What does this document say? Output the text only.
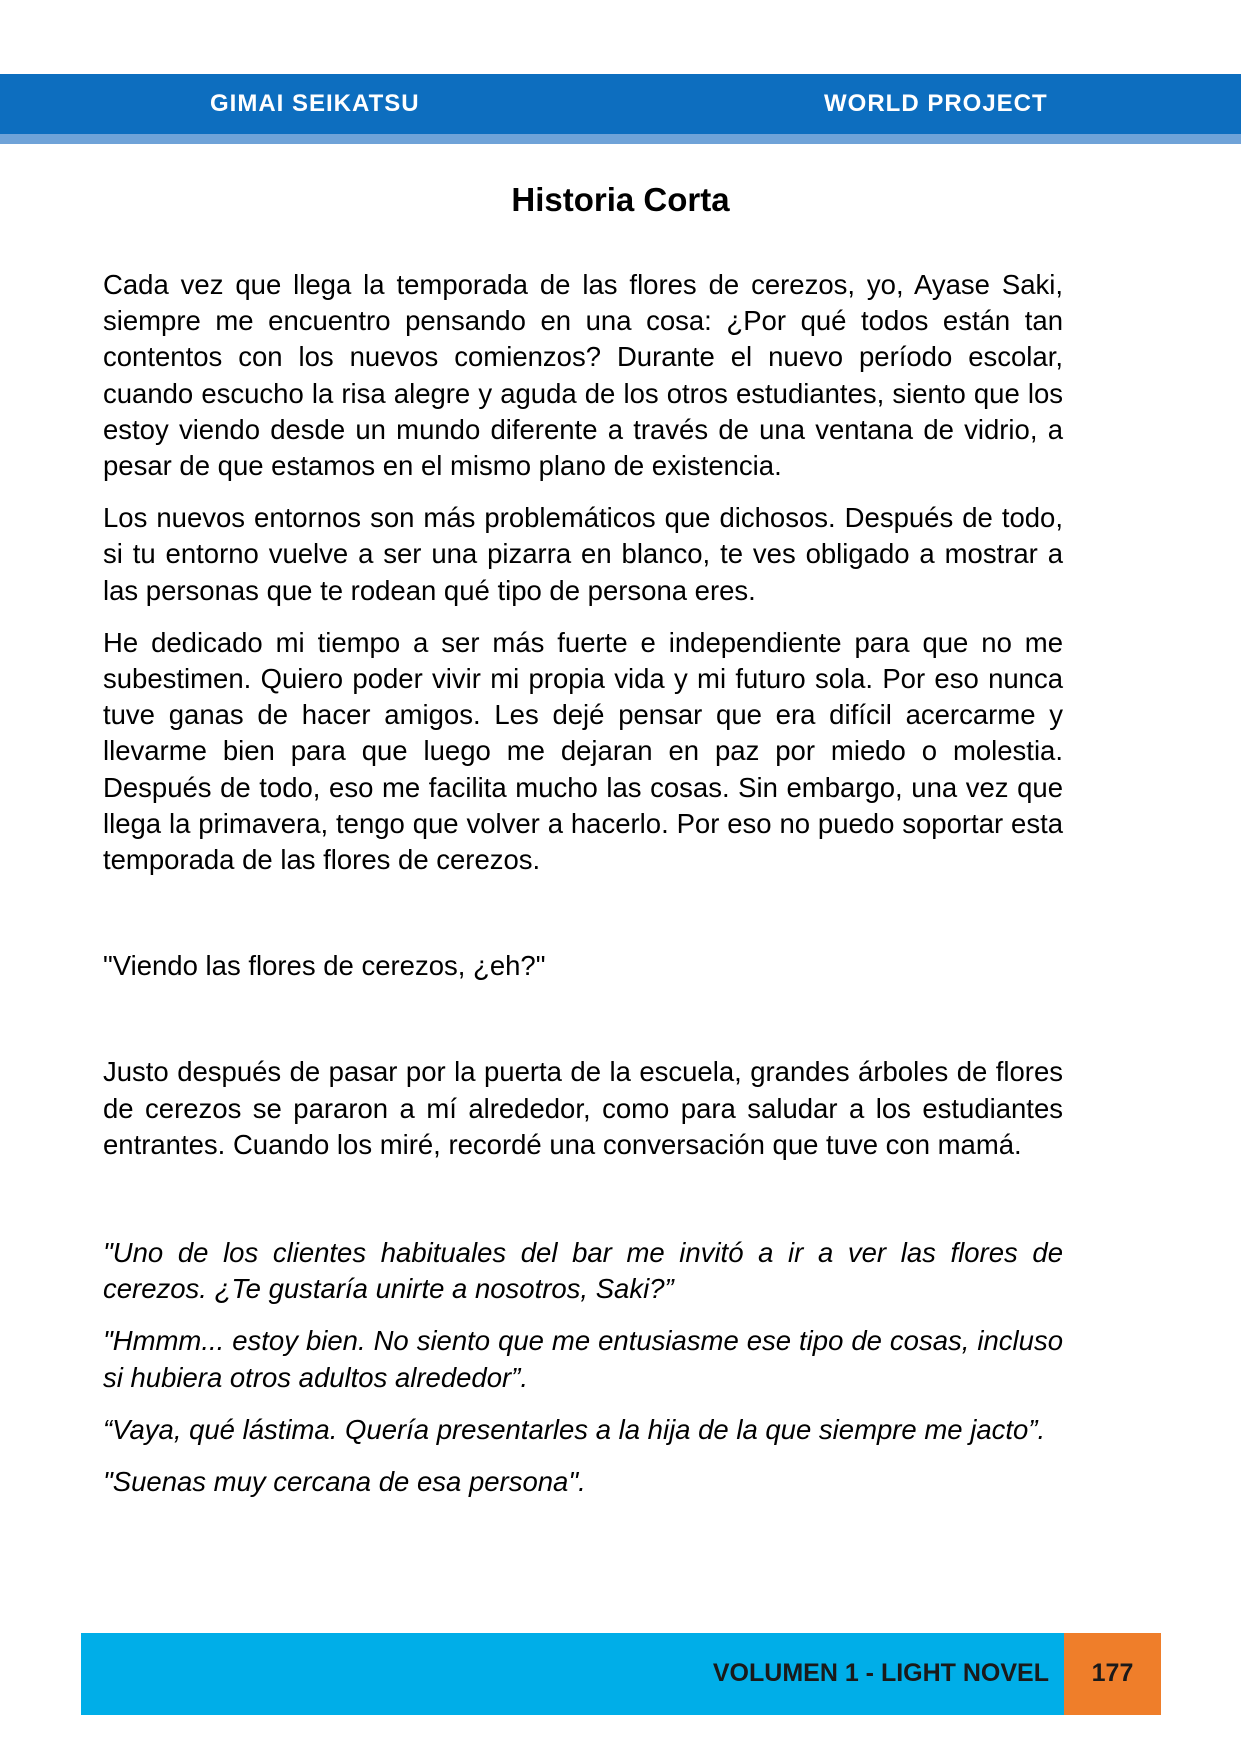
GIMAI SEIKATSU	WORLD PROJECT
Historia Corta

Cada vez que llega la temporada de las flores de cerezos, yo, Ayase Saki, siempre me encuentro pensando en una cosa: ¿Por qué todos están tan contentos con los nuevos comienzos? Durante el nuevo período escolar, cuando escucho la risa alegre y aguda de los otros estudiantes, siento que los estoy viendo desde un mundo diferente a través de una ventana de vidrio, a pesar de que estamos en el mismo plano de existencia.

Los nuevos entornos son más problemáticos que dichosos. Después de todo, si tu entorno vuelve a ser una pizarra en blanco, te ves obligado a mostrar a las personas que te rodean qué tipo de persona eres.

He dedicado mi tiempo a ser más fuerte e independiente para que no me subestimen. Quiero poder vivir mi propia vida y mi futuro sola. Por eso nunca tuve ganas de hacer amigos. Les dejé pensar que era difícil acercarme y llevarme bien para que luego me dejaran en paz por miedo o molestia. Después de todo, eso me facilita mucho las cosas. Sin embargo, una vez que llega la primavera, tengo que volver a hacerlo. Por eso no puedo soportar esta temporada de las flores de cerezos.

"Viendo las flores de cerezos, ¿eh?"

Justo después de pasar por la puerta de la escuela, grandes árboles de flores de cerezos se pararon a mí alrededor, como para saludar a los estudiantes entrantes. Cuando los miré, recordé una conversación que tuve con mamá.

"Uno de los clientes habituales del bar me invitó a ir a ver las flores de cerezos. ¿Te gustaría unirte a nosotros, Saki?”

"Hmmm... estoy bien. No siento que me entusiasme ese tipo de cosas, incluso si hubiera otros adultos alrededor”.

“Vaya, qué lástima. Quería presentarles a la hija de la que siempre me jacto”.

"Suenas muy cercana de esa persona".

VOLUMEN 1 - LIGHT NOVEL	177
